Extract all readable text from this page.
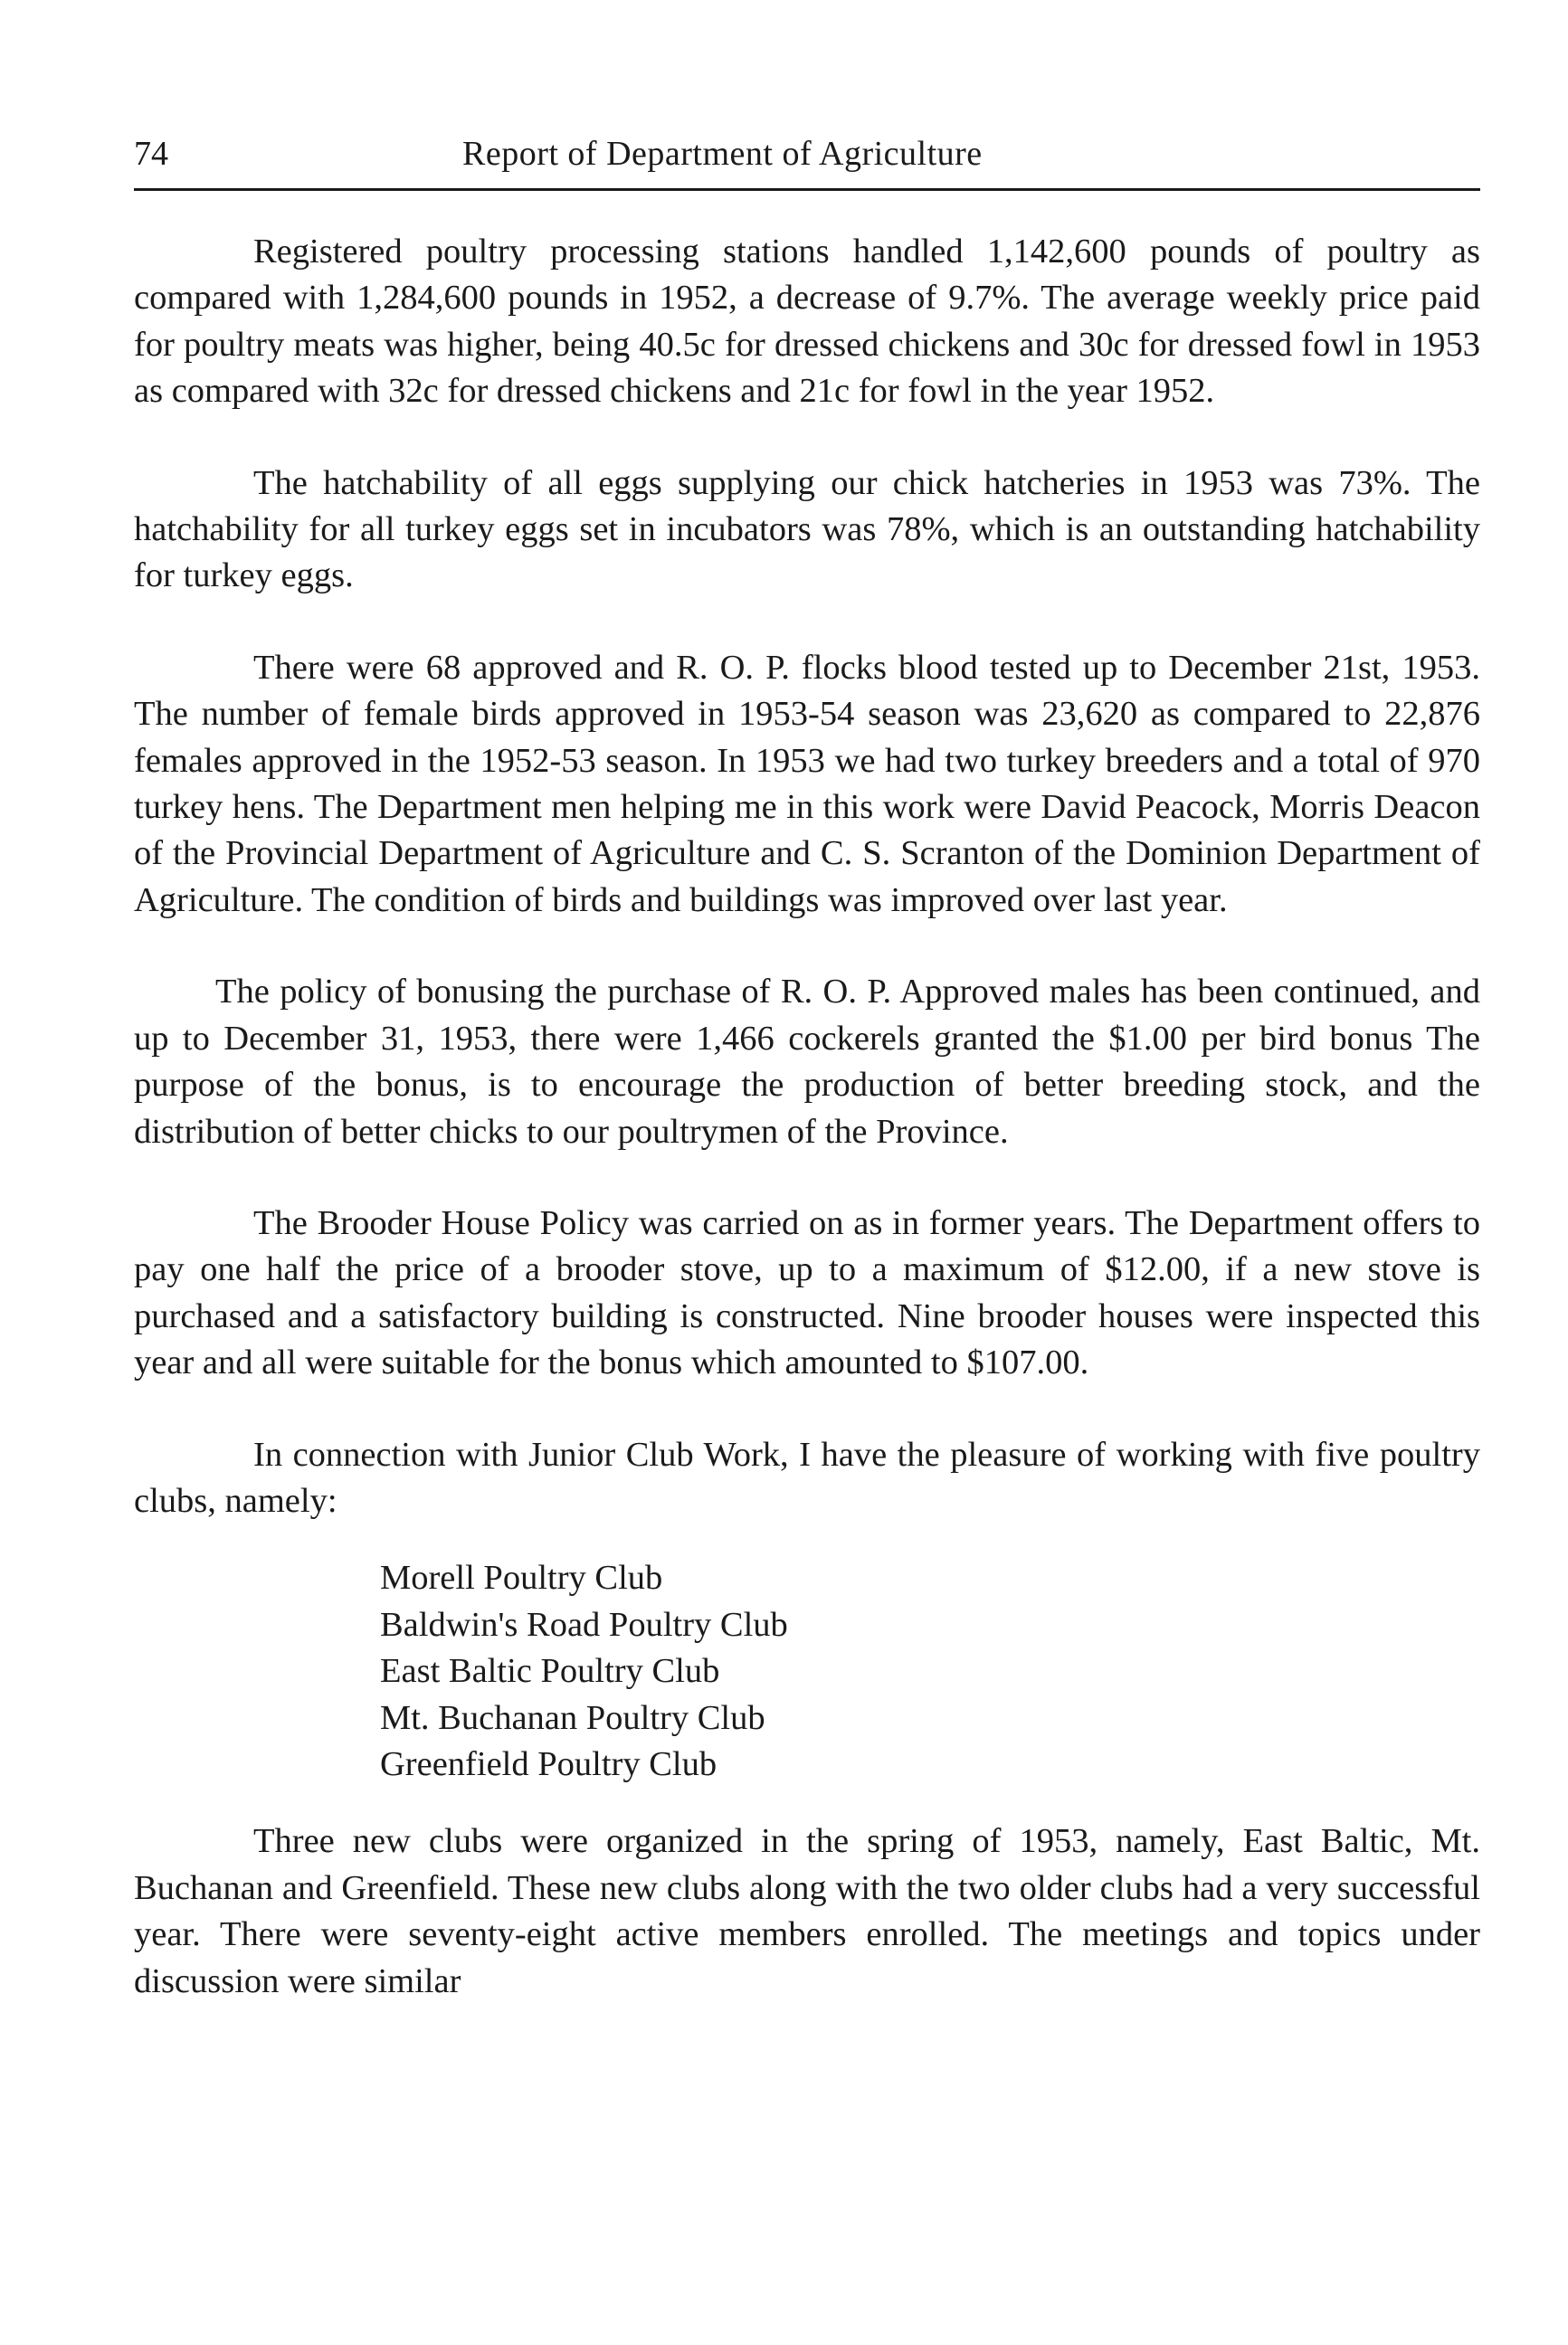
74	Report of Department of Agriculture

Registered poultry processing stations handled 1,142,600 pounds of poultry as compared with 1,284,600 pounds in 1952, a decrease of 9.7%. The average weekly price paid for poultry meats was higher, being 40.5c for dressed chickens and 30c for dressed fowl in 1953 as compared with 32c for dressed chickens and 21c for fowl in the year 1952.

The hatchability of all eggs supplying our chick hatcheries in 1953 was 73%. The hatchability for all turkey eggs set in incubators was 78%, which is an outstanding hatchability for turkey eggs.

There were 68 approved and R. O. P. flocks blood tested up to December 21st, 1953. The number of female birds approved in 1953-54 season was 23,620 as compared to 22,876 females approved in the 1952-53 season. In 1953 we had two turkey breeders and a total of 970 turkey hens. The Department men helping me in this work were David Peacock, Morris Deacon of the Provincial Department of Agriculture and C. S. Scranton of the Dominion Department of Agriculture. The condition of birds and buildings was improved over last year.

The policy of bonusing the purchase of R. O. P. Approved males has been continued, and up to December 31, 1953, there were 1,466 cockerels granted the $1.00 per bird bonus The purpose of the bonus, is to encourage the production of better breeding stock, and the distribution of better chicks to our poultrymen of the Province.

The Brooder House Policy was carried on as in former years. The Department offers to pay one half the price of a brooder stove, up to a maximum of $12.00, if a new stove is purchased and a satisfactory building is constructed. Nine brooder houses were inspected this year and all were suitable for the bonus which amounted to $107.00.

In connection with Junior Club Work, I have the pleasure of working with five poultry clubs, namely:

Morell Poultry Club
Baldwin's Road Poultry Club
East Baltic Poultry Club
Mt. Buchanan Poultry Club
Greenfield Poultry Club

Three new clubs were organized in the spring of 1953, namely, East Baltic, Mt. Buchanan and Greenfield. These new clubs along with the two older clubs had a very successful year. There were seventy-eight active members enrolled. The meetings and topics under discussion were similar
